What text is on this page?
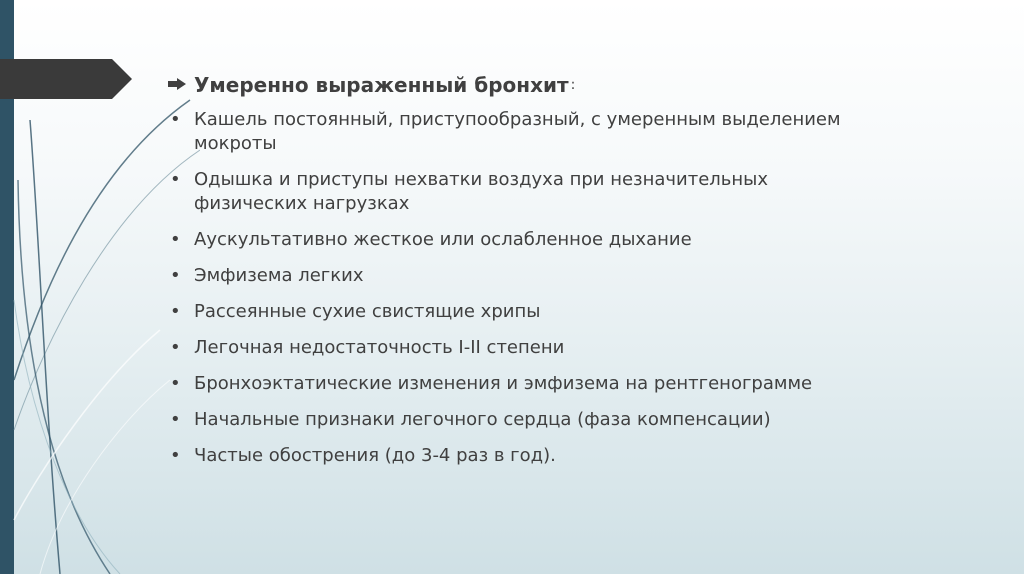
Умеренно выраженный бронхит :
• Кашель постоянный, приступообразный, с умеренным выделением мокроты
• Одышка и приступы нехватки воздуха при незначительных физических нагрузках
• Аускультативно жесткое или ослабленное дыхание
• Эмфизема легких
• Рассеянные сухие свистящие хрипы
• Легочная недостаточность I-II степени
• Бронхоэктатические изменения и эмфизема на рентгенограмме
• Начальные признаки легочного сердца (фаза компенсации)
• Частые обострения (до 3-4 раз в год).
